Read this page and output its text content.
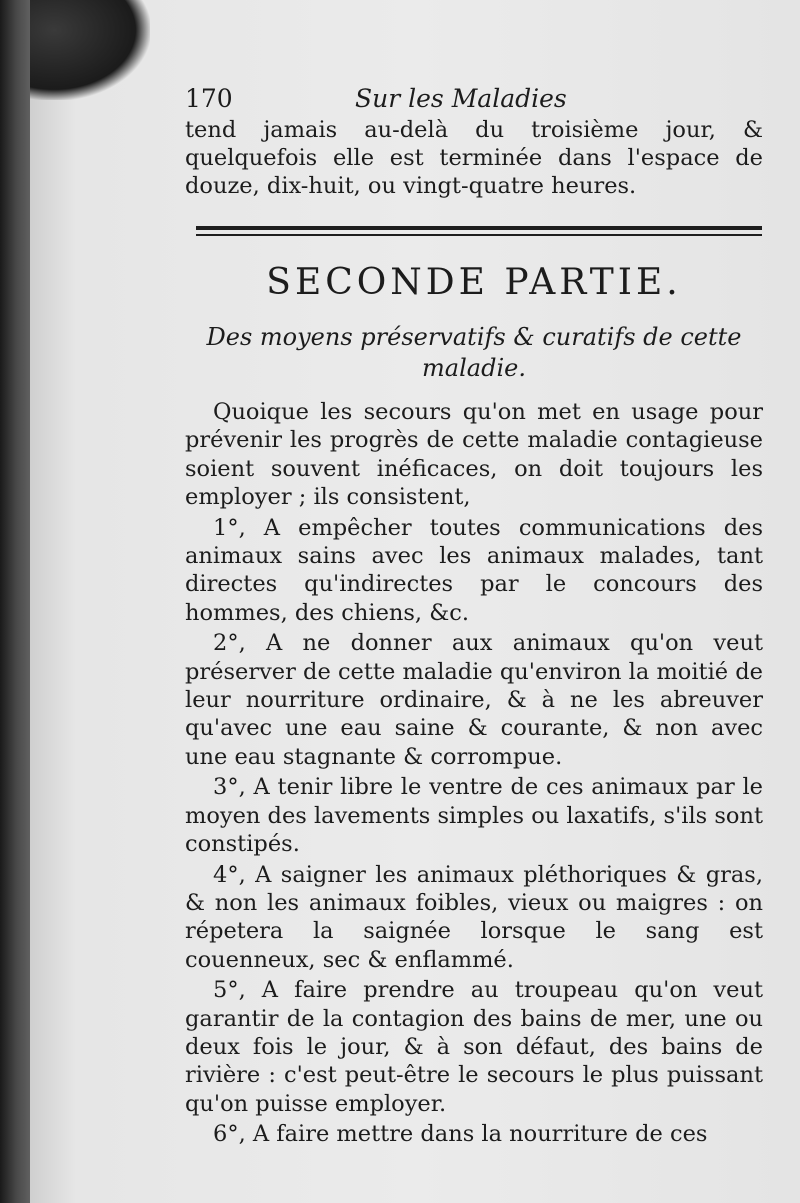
170	Sur les Maladies
tend jamais au-delà du troisième jour, & quelquefois elle est terminée dans l'espace de douze, dix-huit, ou vingt-quatre heures.
SECONDE PARTIE.
Des moyens préservatifs & curatifs de cette maladie.

Quoique les secours qu'on met en usage pour prévenir les progrès de cette maladie contagieuse soient souvent inéficaces, on doit toujours les employer ; ils consistent,

1°, A empêcher toutes communications des animaux sains avec les animaux malades, tant directes qu'indirectes par le concours des hommes, des chiens, &c.

2°, A ne donner aux animaux qu'on veut préserver de cette maladie qu'environ la moitié de leur nourriture ordinaire, & à ne les abreuver qu'avec une eau saine & courante, & non avec une eau stagnante & corrompue.

3°, A tenir libre le ventre de ces animaux par le moyen des lavements simples ou laxatifs, s'ils sont constipés.

4°, A saigner les animaux pléthoriques & gras, & non les animaux foibles, vieux ou maigres : on répetera la saignée lorsque le sang est couenneux, sec & enflammé.

5°, A faire prendre au troupeau qu'on veut garantir de la contagion des bains de mer, une ou deux fois le jour, & à son défaut, des bains de rivière : c'est peut-être le secours le plus puissant qu'on puisse employer.

6°, A faire mettre dans la nourriture de ces
